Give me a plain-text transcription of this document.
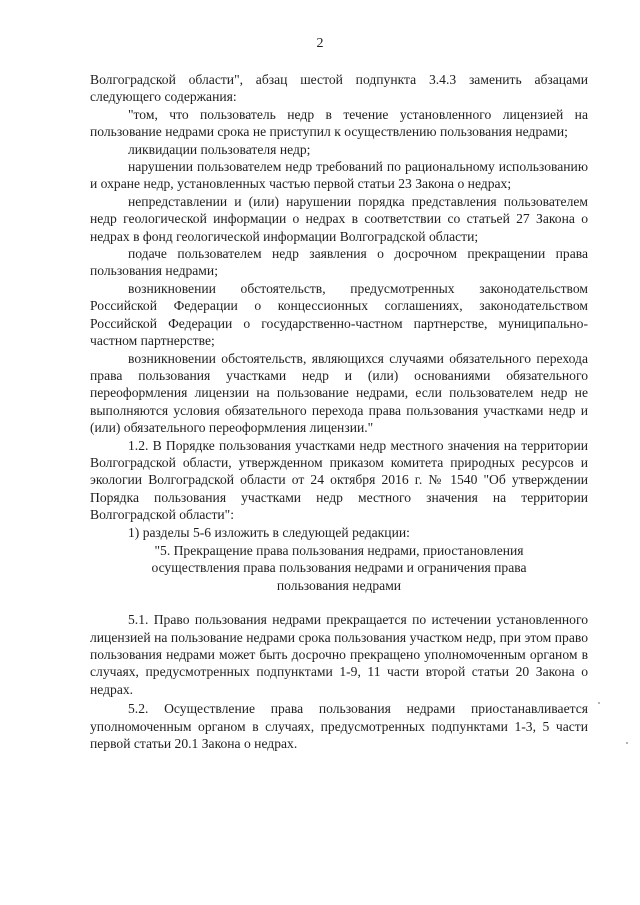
2

Волгоградской области", абзац шестой подпункта 3.4.3 заменить абзацами следующего содержания:

"том, что пользователь недр в течение установленного лицензией на пользование недрами срока не приступил к осуществлению пользования недрами;

ликвидации пользователя недр;

нарушении пользователем недр требований по рациональному использованию и охране недр, установленных частью первой статьи 23 Закона о недрах;

непредставлении и (или) нарушении порядка представления пользователем недр геологической информации о недрах в соответствии со статьей 27 Закона о недрах в фонд геологической информации Волгоградской области;

подаче пользователем недр заявления о досрочном прекращении права пользования недрами;

возникновении обстоятельств, предусмотренных законодательством Российской Федерации о концессионных соглашениях, законодательством Российской Федерации о государственно-частном партнерстве, муниципально-частном партнерстве;

возникновении обстоятельств, являющихся случаями обязательного перехода права пользования участками недр и (или) основаниями обязательного переоформления лицензии на пользование недрами, если пользователем недр не выполняются условия обязательного перехода права пользования участками недр и (или) обязательного переоформления лицензии."

1.2. В Порядке пользования участками недр местного значения на территории Волгоградской области, утвержденном приказом комитета природных ресурсов и экологии Волгоградской области от 24 октября 2016 г. № 1540 "Об утверждении Порядка пользования участками недр местного значения на территории Волгоградской области":

1) разделы 5-6 изложить в следующей редакции:

"5. Прекращение права пользования недрами, приостановления

осуществления права пользования недрами и ограничения права

пользования недрами

5.1. Право пользования недрами прекращается по истечении установленного лицензией на пользование недрами срока пользования участком недр, при этом право пользования недрами может быть досрочно прекращено уполномоченным органом в случаях, предусмотренных подпунктами 1-9, 11 части второй статьи 20 Закона о недрах.

5.2. Осуществление права пользования недрами приостанавливается уполномоченным органом в случаях, предусмотренных подпунктами 1-3, 5 части первой статьи 20.1 Закона о недрах.
